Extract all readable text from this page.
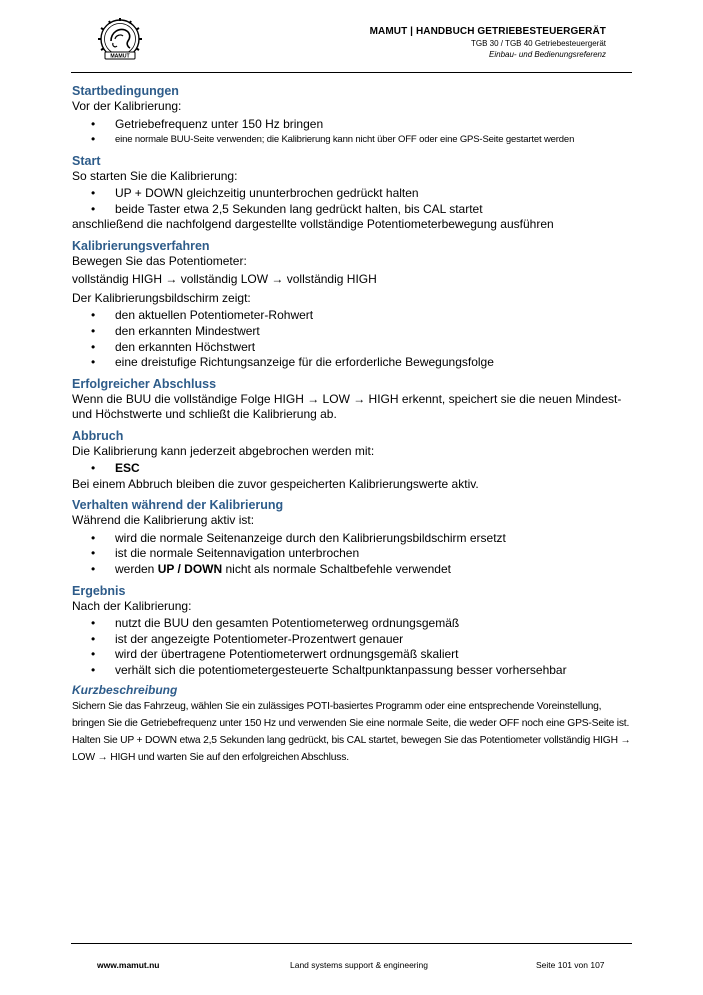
MAMUT
MAMUT | HANDBUCH GETRIEBESTEUERGERÄT
TGB 30 / TGB 40 Getriebesteuergerät
Einbau- und Bedienungsreferenz
Startbedingungen

Vor der Kalibrierung:

• Getriebefrequenz unter 150 Hz bringen
• eine normale BUU-Seite verwenden; die Kalibrierung kann nicht über OFF oder eine GPS-Seite gestartet werden
Start

So starten Sie die Kalibrierung:

• UP + DOWN gleichzeitig ununterbrochen gedrückt halten
• beide Taster etwa 2,5 Sekunden lang gedrückt halten, bis CAL startet

anschließend die nachfolgend dargestellte vollständige Potentiometerbewegung ausführen

Kalibrierungsverfahren

Bewegen Sie das Potentiometer:

vollständig HIGH → vollständig LOW → vollständig HIGH

Der Kalibrierungsbildschirm zeigt:

• den aktuellen Potentiometer-Rohwert
• den erkannten Mindestwert
• den erkannten Höchstwert
• eine dreistufige Richtungsanzeige für die erforderliche Bewegungsfolge
Erfolgreicher Abschluss

Wenn die BUU die vollständige Folge HIGH → LOW → HIGH erkennt, speichert sie die neuen Mindest- und Höchstwerte und schließt die Kalibrierung ab.

Abbruch

Die Kalibrierung kann jederzeit abgebrochen werden mit:

• ESC

Bei einem Abbruch bleiben die zuvor gespeicherten Kalibrierungswerte aktiv.

Verhalten während der Kalibrierung

Während die Kalibrierung aktiv ist:

• wird die normale Seitenanzeige durch den Kalibrierungsbildschirm ersetzt
• ist die normale Seitennavigation unterbrochen
• werden UP / DOWN nicht als normale Schaltbefehle verwendet
Ergebnis

Nach der Kalibrierung:

• nutzt die BUU den gesamten Potentiometerweg ordnungsgemäß
• ist der angezeigte Potentiometer-Prozentwert genauer
• wird der übertragene Potentiometerwert ordnungsgemäß skaliert
• verhält sich die potentiometergesteuerte Schaltpunktanpassung besser vorhersehbar
Kurzbeschreibung

Sichern Sie das Fahrzeug, wählen Sie ein zulässiges POTI-basiertes Programm oder eine entsprechende Voreinstellung, bringen Sie die Getriebefrequenz unter 150 Hz und verwenden Sie eine normale Seite, die weder OFF noch eine GPS-Seite ist. Halten Sie UP + DOWN etwa 2,5 Sekunden lang gedrückt, bis CAL startet, bewegen Sie das Potentiometer vollständig HIGH → LOW → HIGH und warten Sie auf den erfolgreichen Abschluss.

www.mamut.nu	Land systems support & engineering	Seite 101 von 107
